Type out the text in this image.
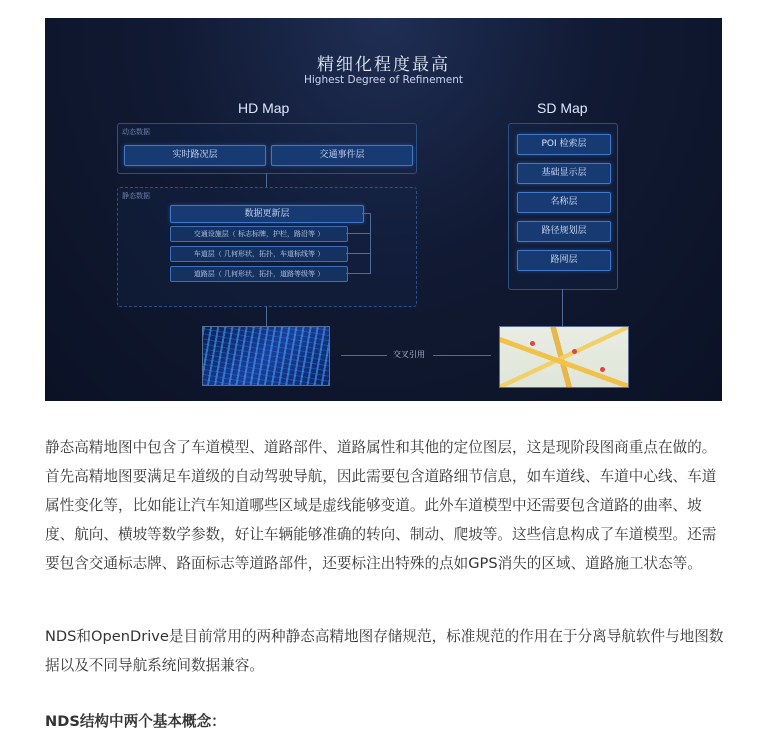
精细化程度最高
Highest Degree of Refinement
HD Map	SD Map
动态数据
实时路况层	交通事件层
静态数据
数据更新层
交通设施层（ 标志标牌，护栏，路沿等 ）
车道层（ 几何形状，拓扑，车道标线等 ）
道路层（ 几何形状，拓扑，道路等级等 ）
POI 检索层
基础显示层
名称层
路径规划层
路网层
交叉引用

静态高精地图中包含了车道模型、道路部件、道路属性和其他的定位图层，这是现阶段图商重点在做的。首先高精地图要满足车道级的自动驾驶导航，因此需要包含道路细节信息，如车道线、车道中心线、车道属性变化等，比如能让汽车知道哪些区域是虚线能够变道。此外车道模型中还需要包含道路的曲率、坡度、航向、横坡等数学参数，好让车辆能够准确的转向、制动、爬坡等。这些信息构成了车道模型。还需要包含交通标志牌、路面标志等道路部件，还要标注出特殊的点如GPS消失的区域、道路施工状态等。

NDS和OpenDrive是目前常用的两种静态高精地图存储规范，标准规范的作用在于分离导航软件与地图数据以及不同导航系统间数据兼容。

NDS结构中两个基本概念：
